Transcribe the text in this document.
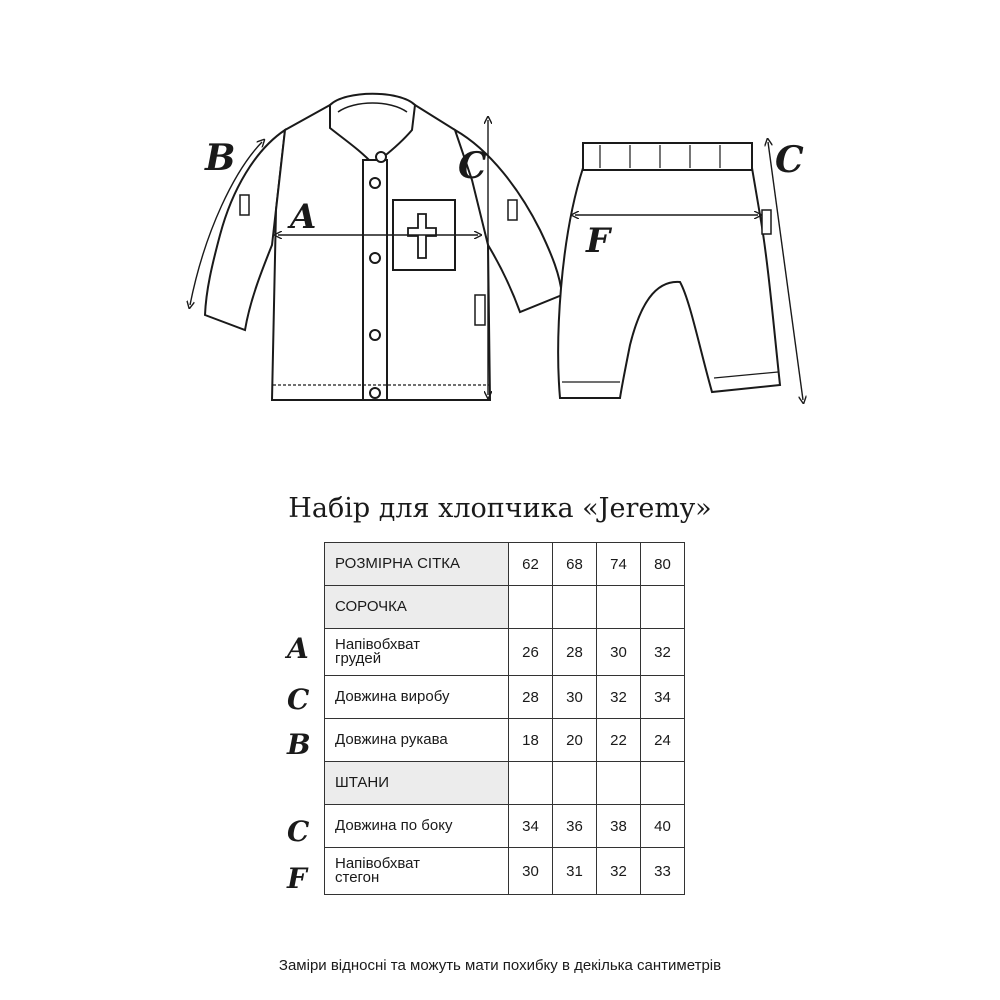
A
B	C	C
F
Набір для хлопчика «Jeremy»
A
C
B
C
F
РОЗМІРНА СІТКА	62	68	74	80
СОРОЧКА				
Напівобхват
грудей	26	28	30	32
Довжина виробу	28	30	32	34
Довжина рукава	18	20	22	24
ШТАНИ				
Довжина по боку	34	36	38	40
Напівобхват
стегон	30	31	32	33
Заміри відносні та можуть мати похибку в декілька сантиметрів
